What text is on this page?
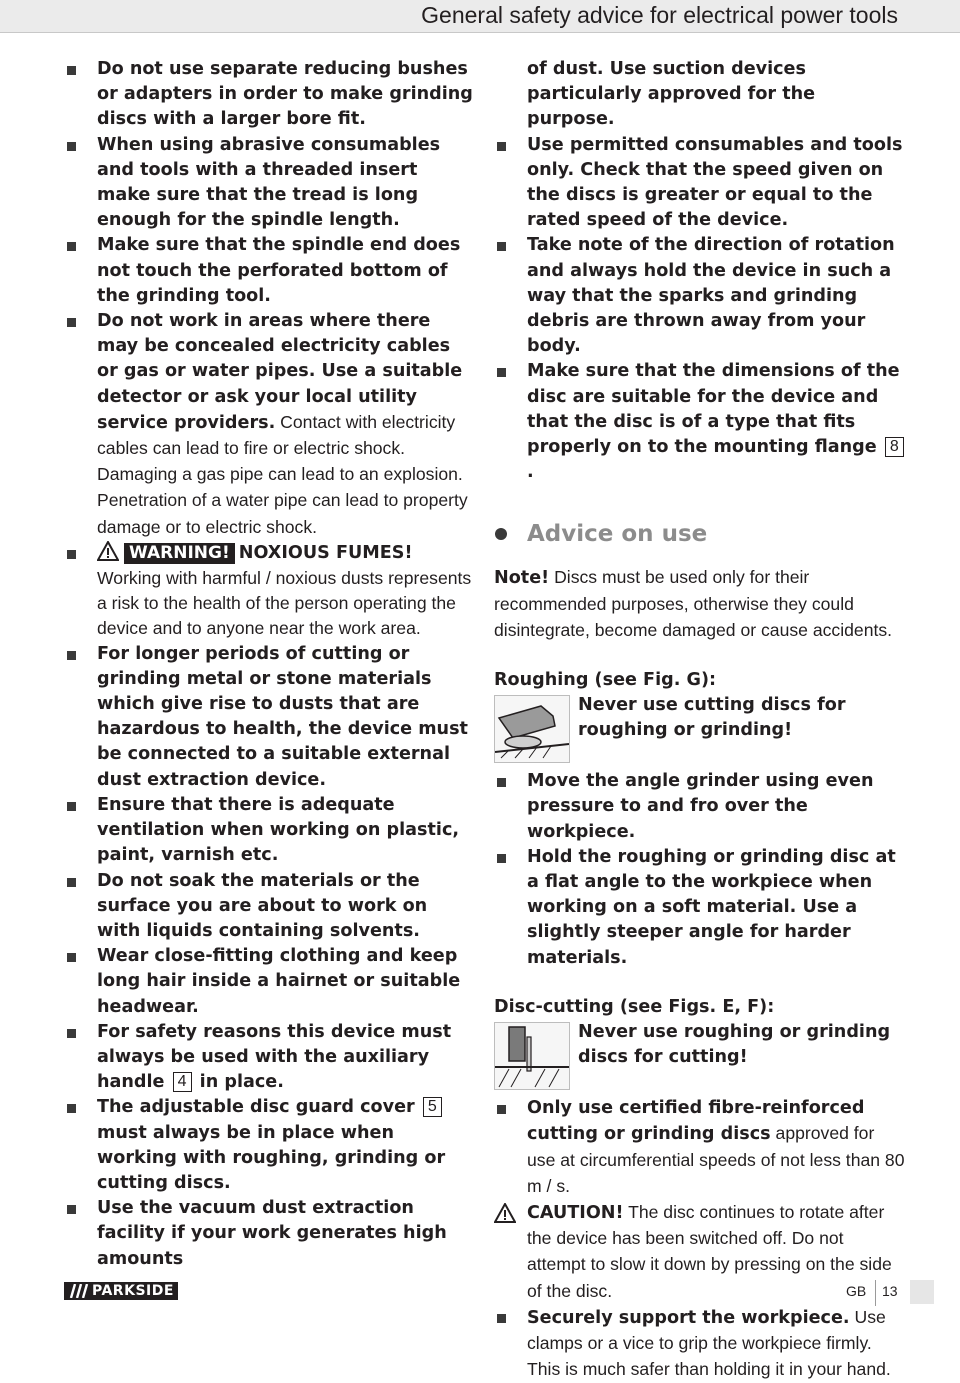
General safety advice for electrical power tools
Do not use separate reducing bushes or adapters in order to make grinding discs with a larger bore fit.
When using abrasive consumables and tools with a threaded insert make sure that the tread is long enough for the spindle length.
Make sure that the spindle end does not touch the perforated bottom of the grinding tool.
Do not work in areas where there may be concealed electricity cables or gas or water pipes. Use a suitable detector or ask your local utility service providers. Contact with electricity cables can lead to fire or electric shock. Damaging a gas pipe can lead to an explosion. Penetration of a water pipe can lead to property damage or to electric shock.
WARNING! NOXIOUS FUMES!
Working with harmful / noxious dusts represents a risk to the health of the person operating the device and to anyone near the work area.
For longer periods of cutting or grinding metal or stone materials which give rise to dusts that are hazardous to health, the device must be connected to a suitable external dust extraction device.
Ensure that there is adequate ventilation when working on plastic, paint, varnish etc.
Do not soak the materials or the surface you are about to work on with liquids containing solvents.
Wear close-fitting clothing and keep long hair inside a hairnet or suitable headwear.
For safety reasons this device must always be used with the auxiliary handle 4 in place.
The adjustable disc guard cover 5 must always be in place when working with roughing, grinding or cutting discs.
Use the vacuum dust extraction facility if your work generates high amounts
of dust. Use suction devices particularly approved for the purpose.
Use permitted consumables and tools only. Check that the speed given on the discs is greater or equal to the rated speed of the device.
Take note of the direction of rotation and always hold the device in such a way that the sparks and grinding debris are thrown away from your body.
Make sure that the dimensions of the disc are suitable for the device and that the disc is of a type that fits properly on to the mounting flange 8.
Advice on use
Note! Discs must be used only for their recommended purposes, otherwise they could disintegrate, become damaged or cause accidents.
Roughing (see Fig. G):
Never use cutting discs for roughing or grinding!
Move the angle grinder using even pressure to and fro over the workpiece.
Hold the roughing or grinding disc at a flat angle to the workpiece when working on a soft material. Use a slightly steeper angle for harder materials.
Disc-cutting (see Figs. E, F):
Never use roughing or grinding discs for cutting!
Only use certified fibre-reinforced cutting or grinding discs approved for use at circumferential speeds of not less than 80 m / s.
CAUTION! The disc continues to rotate after the device has been switched off. Do not attempt to slow it down by pressing on the side of the disc.
Securely support the workpiece. Use clamps or a vice to grip the workpiece firmly. This is much safer than holding it in your hand.
PARKSIDE	GB 13
